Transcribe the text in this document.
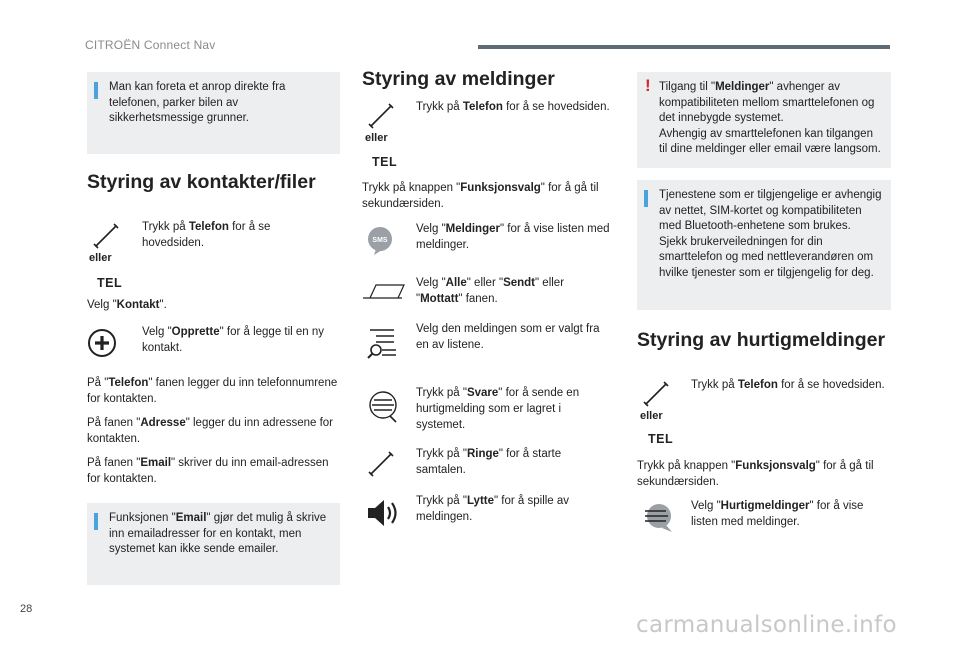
CITROËN Connect Nav
Man kan foreta et anrop direkte fra telefonen, parker bilen av sikkerhetsmessige grunner.
Styring av kontakter/filer
eller
TEL
Trykk på Telefon for å se hovedsiden.
Velg "Kontakt".
Velg "Opprette" for å legge til en ny kontakt.
På "Telefon" fanen legger du inn telefonnumrene for kontakten.
På fanen "Adresse" legger du inn adressene for kontakten.
På fanen "Email" skriver du inn email-adressen for kontakten.
Funksjonen "Email" gjør det mulig å skrive inn emailadresser for en kontakt, men systemet kan ikke sende emailer.
Styring av meldinger
eller
TEL
Trykk på Telefon for å se hovedsiden.
Trykk på knappen "Funksjonsvalg" for å gå til sekundærsiden.
SMS
Velg "Meldinger" for å vise listen med meldinger.
Velg "Alle" eller "Sendt" eller "Mottatt" fanen.
Velg den meldingen som er valgt fra en av listene.
Trykk på "Svare" for å sende en hurtigmelding som er lagret i systemet.
Trykk på "Ringe" for å starte samtalen.
Trykk på "Lytte" for å spille av meldingen.
! Tilgang til "Meldinger" avhenger av kompatibiliteten mellom smarttelefonen og det innebygde systemet.
Avhengig av smarttelefonen kan tilgangen til dine meldinger eller email være langsom.
Tjenestene som er tilgjengelige er avhengig av nettet, SIM-kortet og kompatibiliteten med Bluetooth-enhetene som brukes.
Sjekk brukerveiledningen for din smarttelefon og med nettleverandøren om hvilke tjenester som er tilgjengelig for deg.
Styring av hurtigmeldinger
eller
TEL
Trykk på Telefon for å se hovedsiden.
Trykk på knappen "Funksjonsvalg" for å gå til sekundærsiden.
Velg "Hurtigmeldinger" for å vise listen med meldinger.
28
carmanualsonline.info
